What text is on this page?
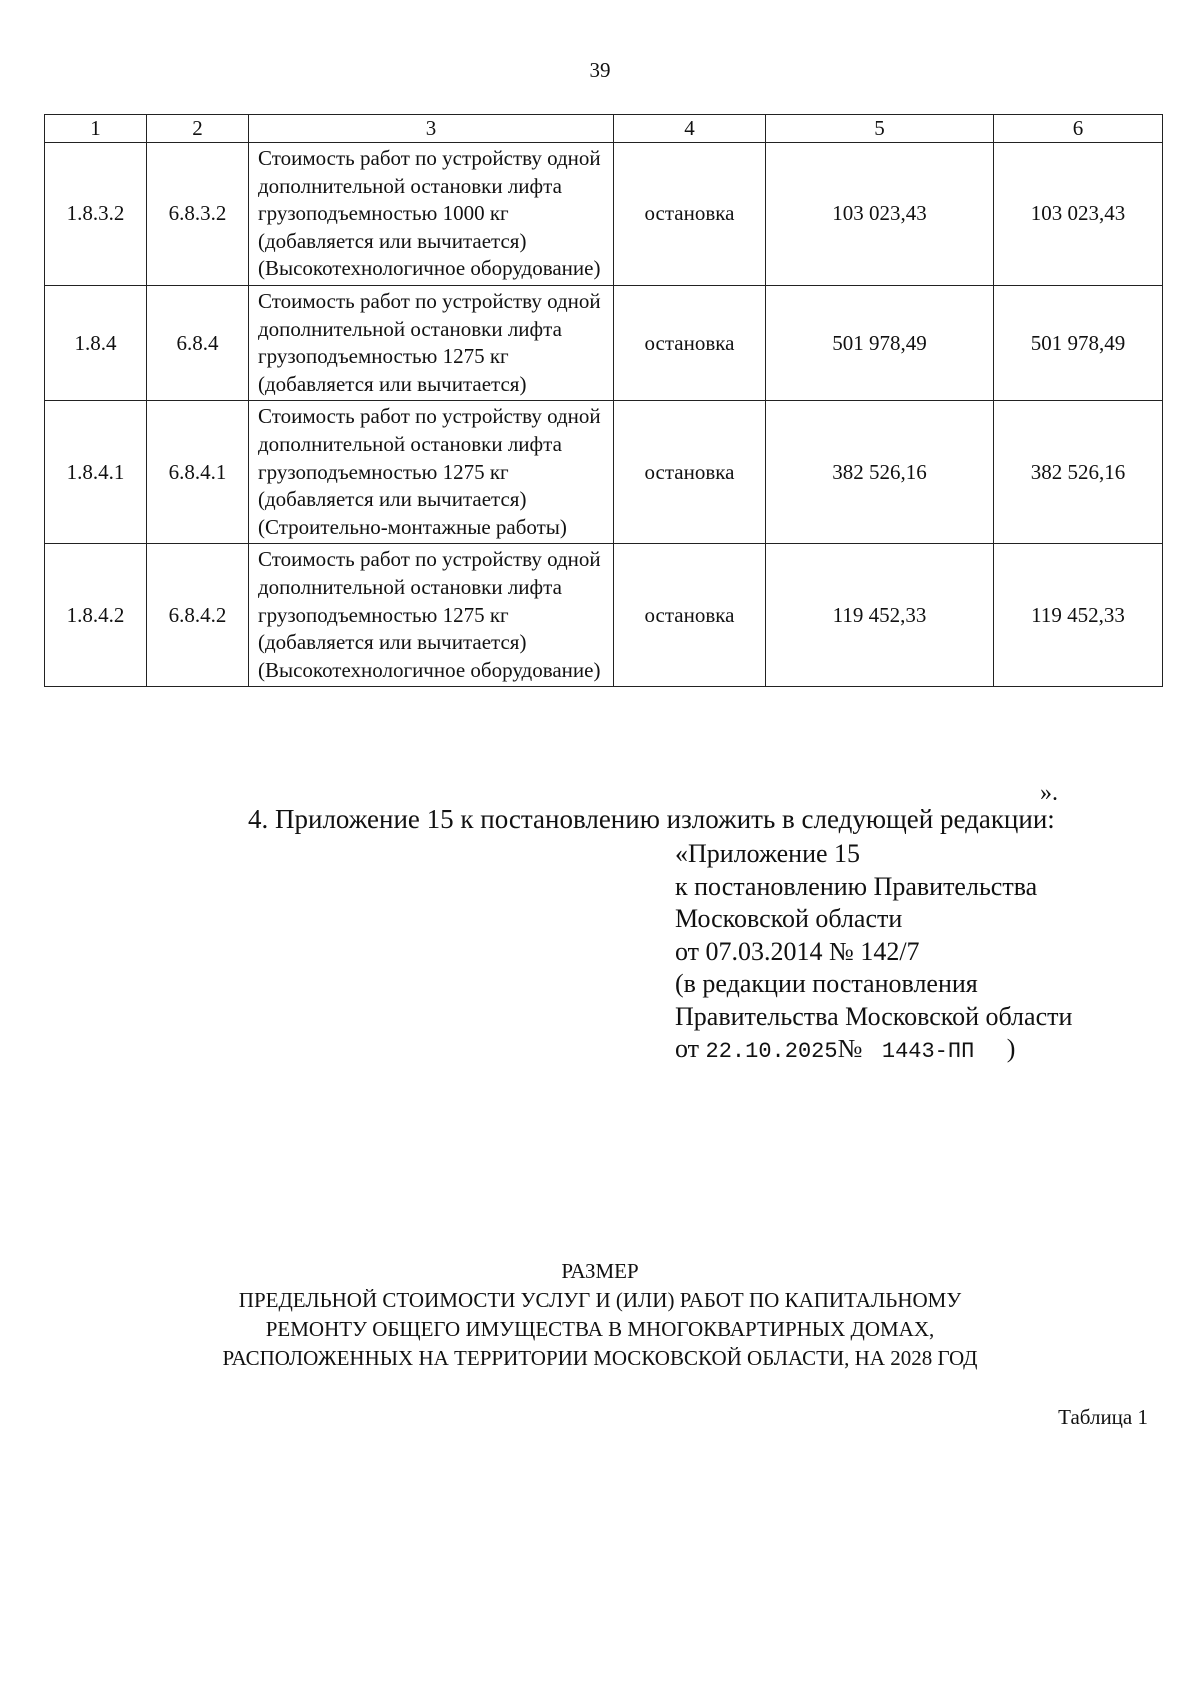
39
1	2	3	4	5	6
1.8.3.2	6.8.3.2	Стоимость работ по устройству одной дополнительной остановки лифта грузоподъемностью 1000 кг (добавляется или вычитается) (Высокотехнологичное оборудование)	остановка	103 023,43	103 023,43
1.8.4	6.8.4	Стоимость работ по устройству одной дополнительной остановки лифта грузоподъемностью 1275 кг (добавляется или вычитается)	остановка	501 978,49	501 978,49
1.8.4.1	6.8.4.1	Стоимость работ по устройству одной дополнительной остановки лифта грузоподъемностью 1275 кг (добавляется или вычитается) (Строительно-монтажные работы)	остановка	382 526,16	382 526,16
1.8.4.2	6.8.4.2	Стоимость работ по устройству одной дополнительной остановки лифта грузоподъемностью 1275 кг (добавляется или вычитается) (Высокотехнологичное оборудование)	остановка	119 452,33	119 452,33
».
4. Приложение 15 к постановлению изложить в следующей редакции:
«Приложение 15
к постановлению Правительства
Московской области
от 07.03.2014 № 142/7
(в редакции постановления
Правительства Московской области
от 22.10.2025№ 1443-ПП )
РАЗМЕР
ПРЕДЕЛЬНОЙ СТОИМОСТИ УСЛУГ И (ИЛИ) РАБОТ ПО КАПИТАЛЬНОМУ
РЕМОНТУ ОБЩЕГО ИМУЩЕСТВА В МНОГОКВАРТИРНЫХ ДОМАХ,
РАСПОЛОЖЕННЫХ НА ТЕРРИТОРИИ МОСКОВСКОЙ ОБЛАСТИ, НА 2028 ГОД
Таблица 1
